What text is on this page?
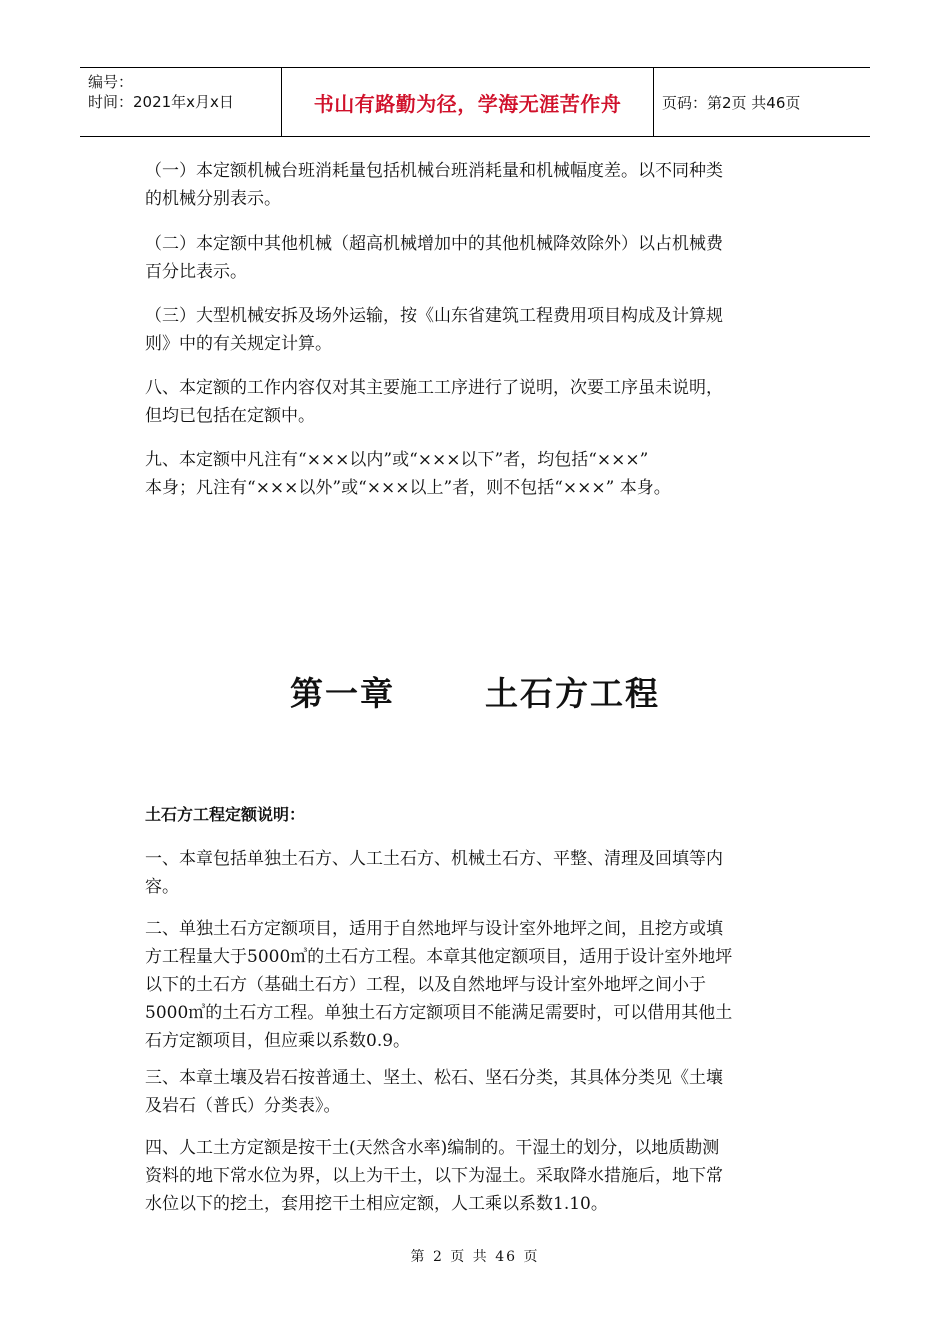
编号：
时间：2021年x月x日	书山有路勤为径，学海无涯苦作舟	页码：第2页 共46页
（一）本定额机械台班消耗量包括机械台班消耗量和机械幅度差。以不同种类
的机械分别表示。
（二）本定额中其他机械（超高机械增加中的其他机械降效除外）以占机械费
百分比表示。
（三）大型机械安拆及场外运输，按《山东省建筑工程费用项目构成及计算规
则》中的有关规定计算。
八、本定额的工作内容仅对其主要施工工序进行了说明，次要工序虽未说明，
但均已包括在定额中。
九、本定额中凡注有“×××以内”或“×××以下”者，均包括“×××”
本身；凡注有“×××以外”或“×××以上”者，则不包括“×××” 本身。
第一章	土石方工程
土石方工程定额说明：
一、本章包括单独土石方、人工土石方、机械土石方、平整、清理及回填等内
容。
二、单独土石方定额项目，适用于自然地坪与设计室外地坪之间，且挖方或填
方工程量大于5000㎥的土石方工程。本章其他定额项目，适用于设计室外地坪
以下的土石方（基础土石方）工程，以及自然地坪与设计室外地坪之间小于
5000㎥的土石方工程。单独土石方定额项目不能满足需要时，可以借用其他土
石方定额项目，但应乘以系数0.9。
三、本章土壤及岩石按普通土、坚土、松石、坚石分类，其具体分类见《土壤
及岩石（普氏）分类表》。
四、人工土方定额是按干土(天然含水率)编制的。干湿土的划分，以地质勘测
资料的地下常水位为界，以上为干土，以下为湿土。采取降水措施后，地下常
水位以下的挖土，套用挖干土相应定额，人工乘以系数1.10。
第 2 页 共 46 页
